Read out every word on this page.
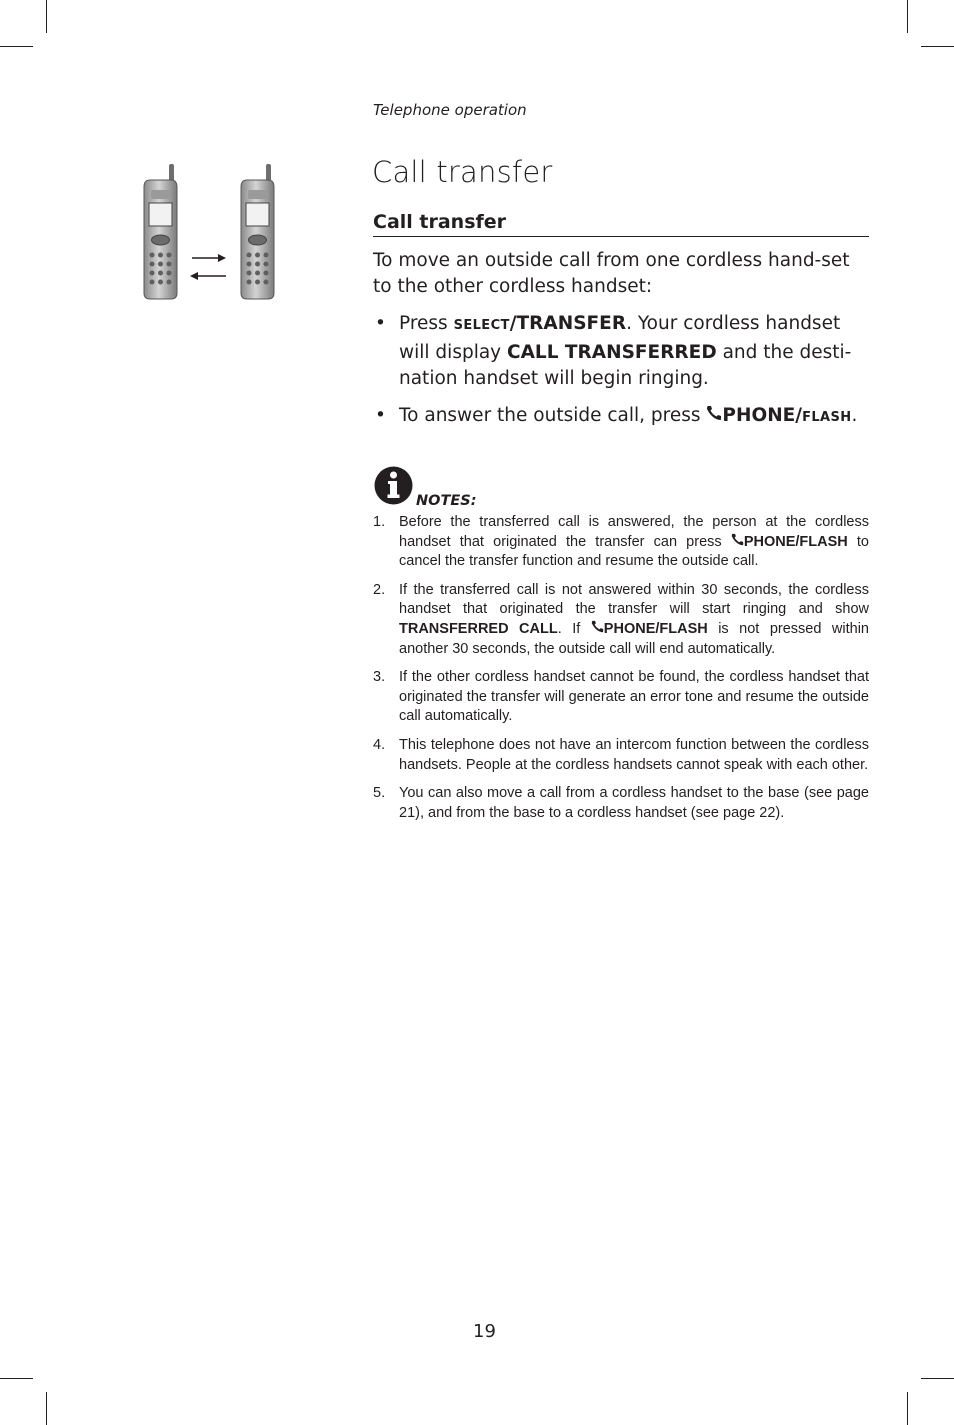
Telephone operation
Call transfer
Call transfer
To move an outside call from one cordless hand-set to the other cordless handset:
• Press SELECT/TRANSFER. Your cordless handset will display CALL TRANSFERRED and the desti-nation handset will begin ringing.
• To answer the outside call, press PHONE/FLASH.
NOTES:
1. Before the transferred call is answered, the person at the cordless handset that originated the transfer can press PHONE/FLASH to cancel the transfer function and resume the outside call.
2. If the transferred call is not answered within 30 seconds, the cordless handset that originated the transfer will start ringing and show TRANSFERRED CALL. If PHONE/FLASH is not pressed within another 30 seconds, the outside call will end automatically.
3. If the other cordless handset cannot be found, the cordless handset that originated the transfer will generate an error tone and resume the outside call automatically.
4. This telephone does not have an intercom function between the cordless handsets. People at the cordless handsets cannot speak with each other.
5. You can also move a call from a cordless handset to the base (see page 21), and from the base to a cordless handset (see page 22).
19
